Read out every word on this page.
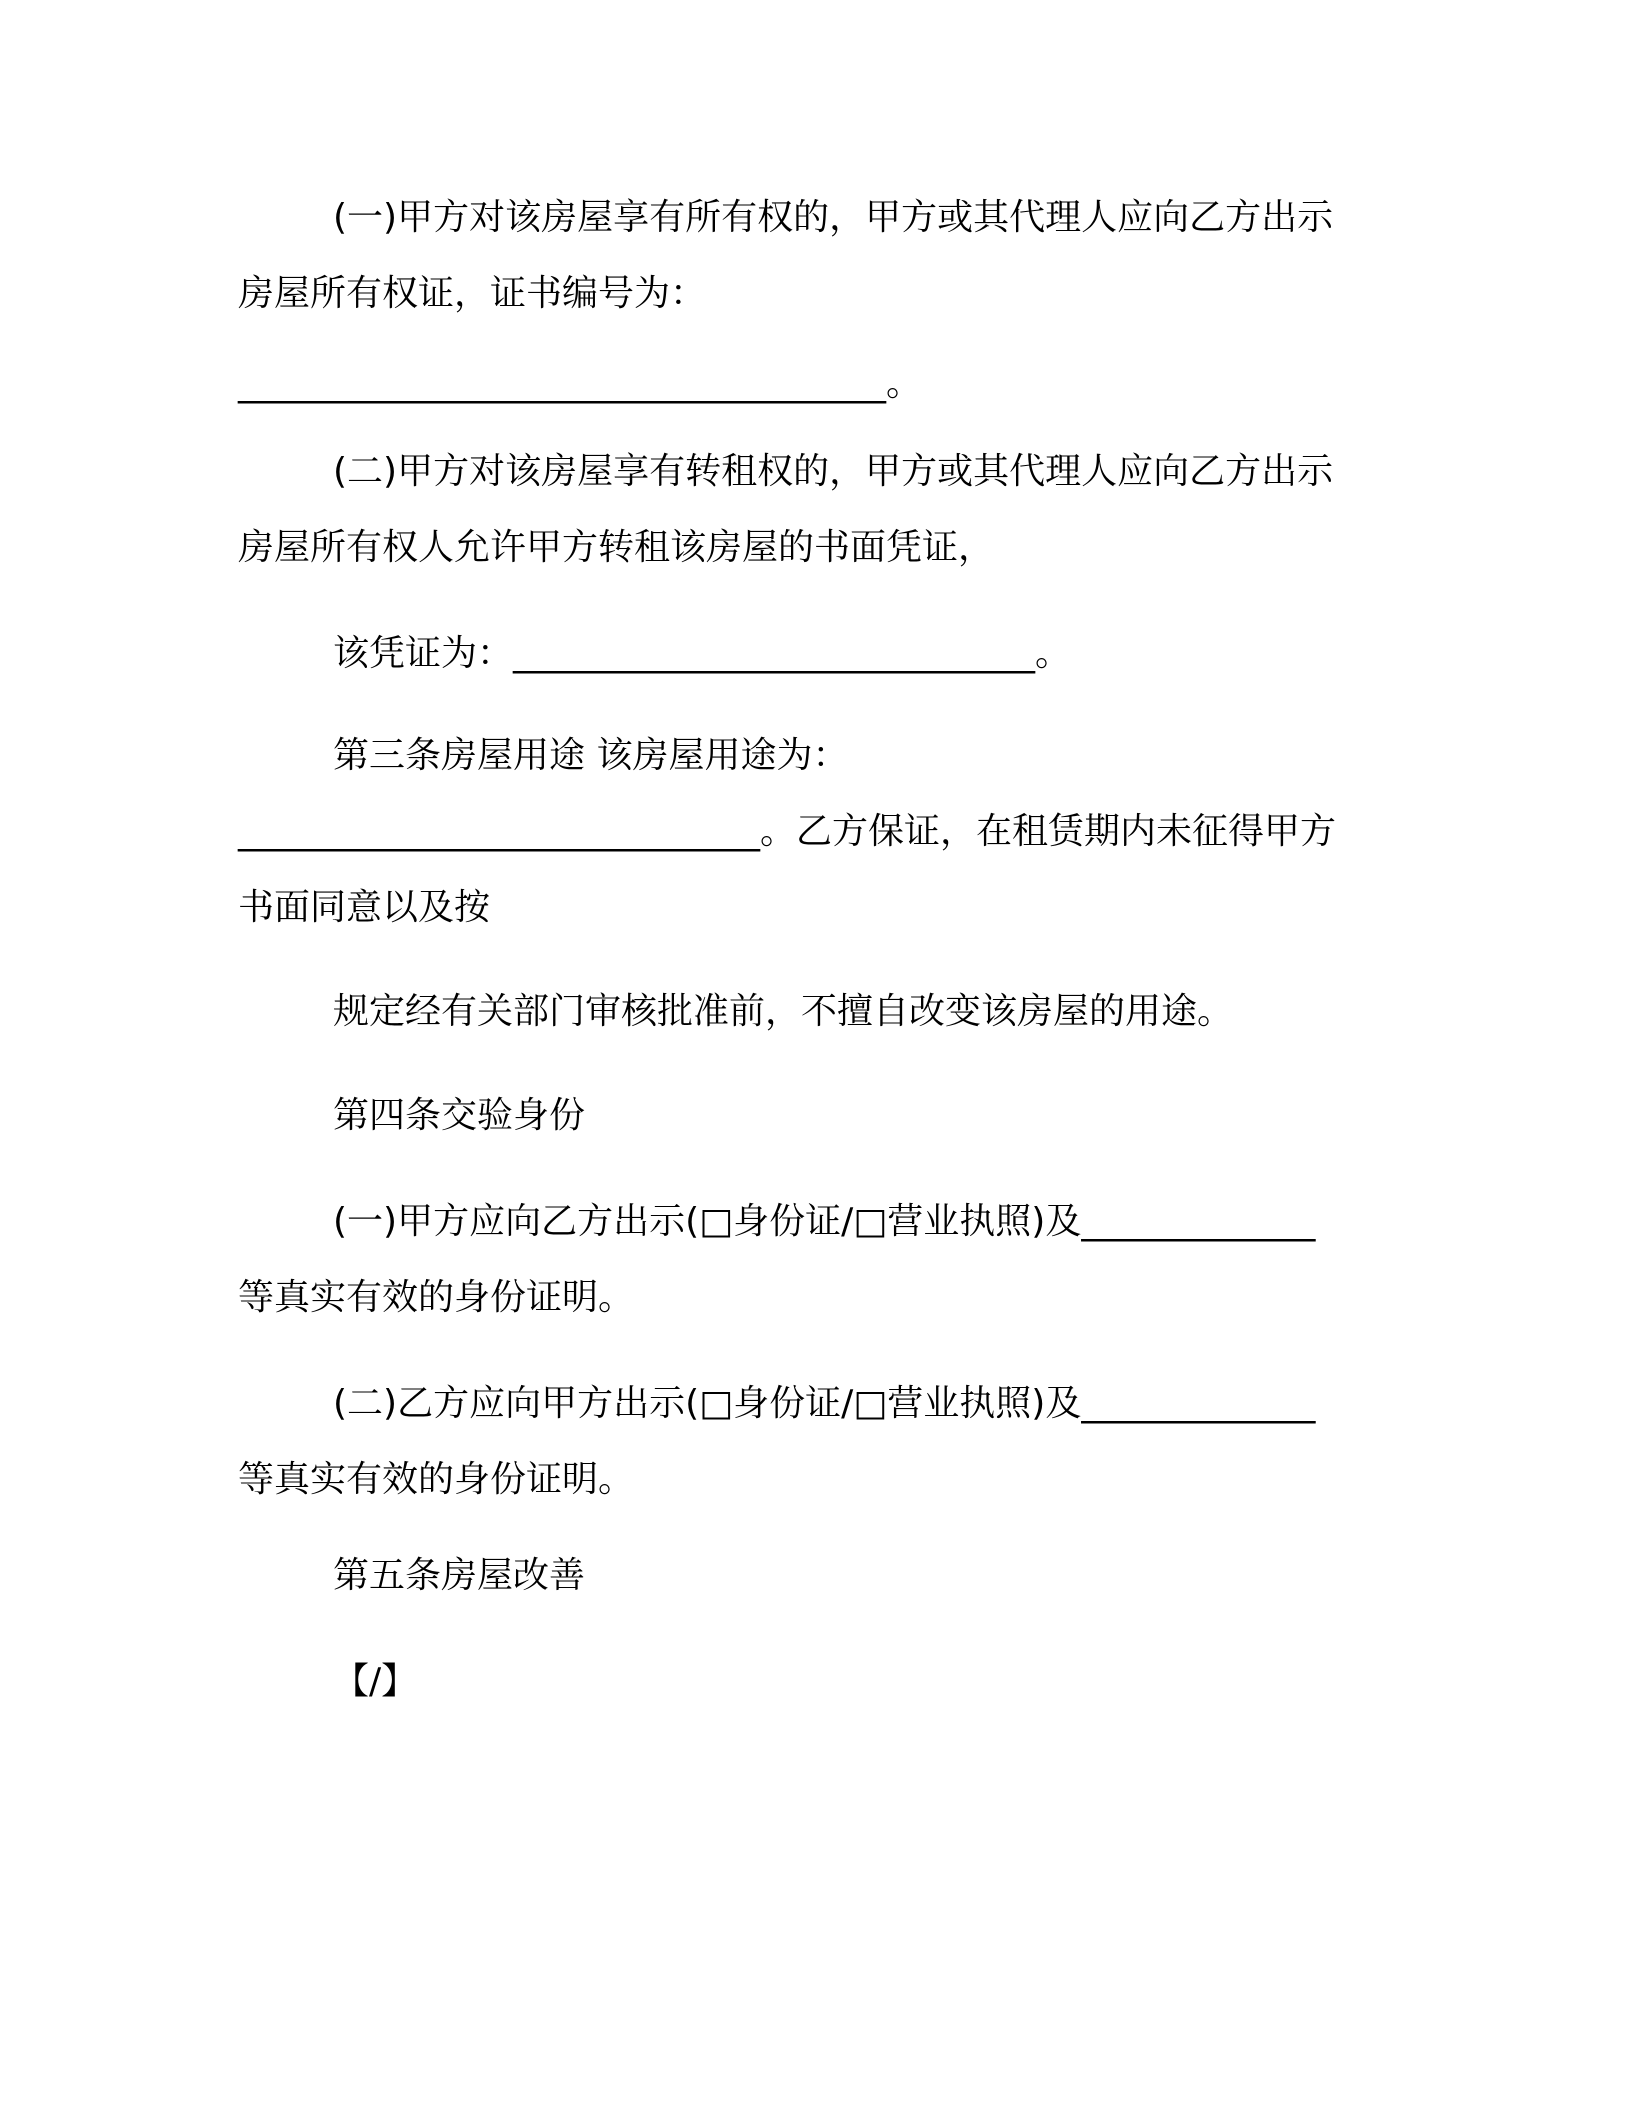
(一)甲方对该房屋享有所有权的，甲方或其代理人应向乙方出示

房屋所有权证，证书编号为：

____________________________________。

(二)甲方对该房屋享有转租权的，甲方或其代理人应向乙方出示

房屋所有权人允许甲方转租该房屋的书面凭证，

该凭证为：_____________________________。

第三条房屋用途 该房屋用途为：

_____________________________。乙方保证，在租赁期内未征得甲方

书面同意以及按

规定经有关部门审核批准前，不擅自改变该房屋的用途。

第四条交验身份

(一)甲方应向乙方出示(□身份证/□营业执照)及_____________

等真实有效的身份证明。

(二)乙方应向甲方出示(□身份证/□营业执照)及_____________

等真实有效的身份证明。

第五条房屋改善

【/】
